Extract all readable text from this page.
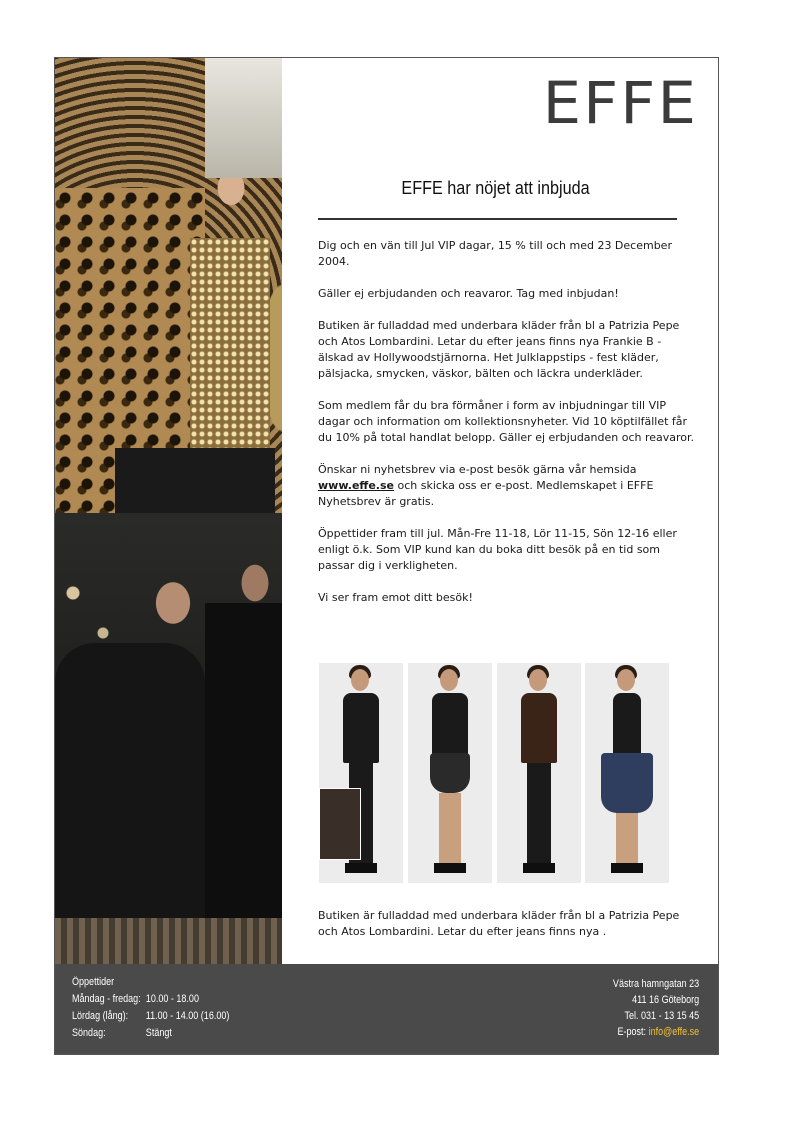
EFFE
EFFE har nöjet att inbjuda

Dig och en vän till Jul VIP dagar, 15 % till och med 23 December 2004.

Gäller ej erbjudanden och reavaror. Tag med inbjudan!

Butiken är fulladdad med underbara kläder från bl a Patrizia Pepe och Atos Lombardini. Letar du efter jeans finns nya Frankie B - älskad av Hollywoodstjärnorna. Het Julklappstips - fest kläder, pälsjacka, smycken, väskor, bälten och läckra underkläder.

Som medlem får du bra förmåner i form av inbjudningar till VIP dagar och information om kollektionsnyheter. Vid 10 köptilfället får du 10% på total handlat belopp. Gäller ej erbjudanden och reavaror.

Önskar ni nyhetsbrev via e-post besök gärna vår hemsida www.effe.se och skicka oss er e-post. Medlemskapet i EFFE Nyhetsbrev är gratis.

Öppettider fram till jul. Mån-Fre 11-18, Lör 11-15, Sön 12-16 eller enligt ö.k. Som VIP kund kan du boka ditt besök på en tid som passar dig i verkligheten.

Vi ser fram emot ditt besök!

Butiken är fulladdad med underbara kläder från bl a Patrizia Pepe och Atos Lombardini. Letar du efter jeans finns nya .
Öppettider
Måndag - fredag: 10.00 - 18.00
Lördag (lång):	11.00 - 14.00 (16.00)
Söndag:	Stängt
Västra hamngatan 23
411 16 Göteborg
Tel. 031 - 13 15 45
E-post: info@effe.se
